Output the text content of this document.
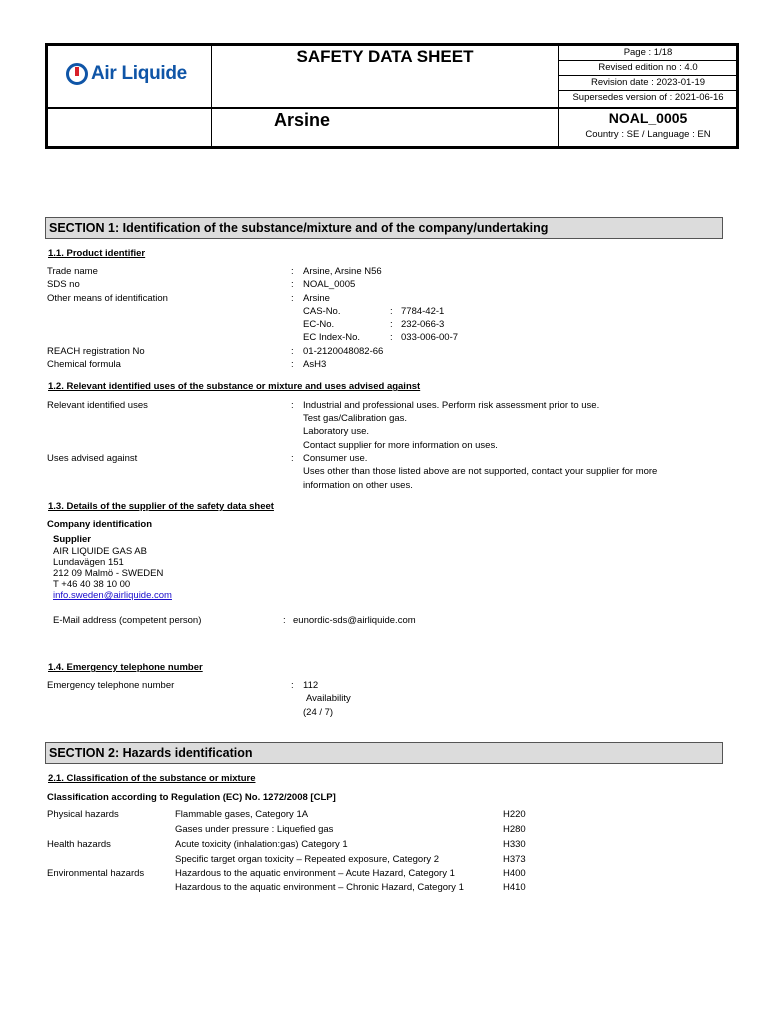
Air Liquide
SAFETY DATA SHEET
Arsine
Page : 1/18
Revised edition no : 4.0
Revision date : 2023-01-19
Supersedes version of : 2021-06-16
NOAL_0005
Country : SE / Language : EN
SECTION 1: Identification of the substance/mixture and of the company/undertaking
1.1. Product identifier
Trade name	: Arsine, Arsine N56
SDS no	: NOAL_0005
Other means of identification	: Arsine
CAS-No.	: 7784-42-1
EC-No.	: 232-066-3
EC Index-No.	: 033-006-00-7
REACH registration No	: 01-2120048082-66
Chemical formula	: AsH3
1.2. Relevant identified uses of the substance or mixture and uses advised against
Relevant identified uses	: Industrial and professional uses. Perform risk assessment prior to use.
Test gas/Calibration gas.
Laboratory use.
Contact supplier for more information on uses.
Uses advised against	: Consumer use.
Uses other than those listed above are not supported, contact your supplier for more
information on other uses.
1.3. Details of the supplier of the safety data sheet
Company identification
Supplier
AIR LIQUIDE GAS AB
Lundavägen 151
212 09 Malmö - SWEDEN
T +46 40 38 10 00
info.sweden@airliquide.com
E-Mail address (competent person)	: eunordic-sds@airliquide.com
1.4. Emergency telephone number
Emergency telephone number	: 112
Availability
(24 / 7)
SECTION 2: Hazards identification
2.1. Classification of the substance or mixture
Classification according to Regulation (EC) No. 1272/2008 [CLP]
Physical hazards	Flammable gases, Category 1A	H220
Gases under pressure : Liquefied gas	H280
Health hazards	Acute toxicity (inhalation:gas) Category 1	H330
Specific target organ toxicity – Repeated exposure, Category 2	H373
Environmental hazards	Hazardous to the aquatic environment – Acute Hazard, Category 1	H400
Hazardous to the aquatic environment – Chronic Hazard, Category 1	H410
